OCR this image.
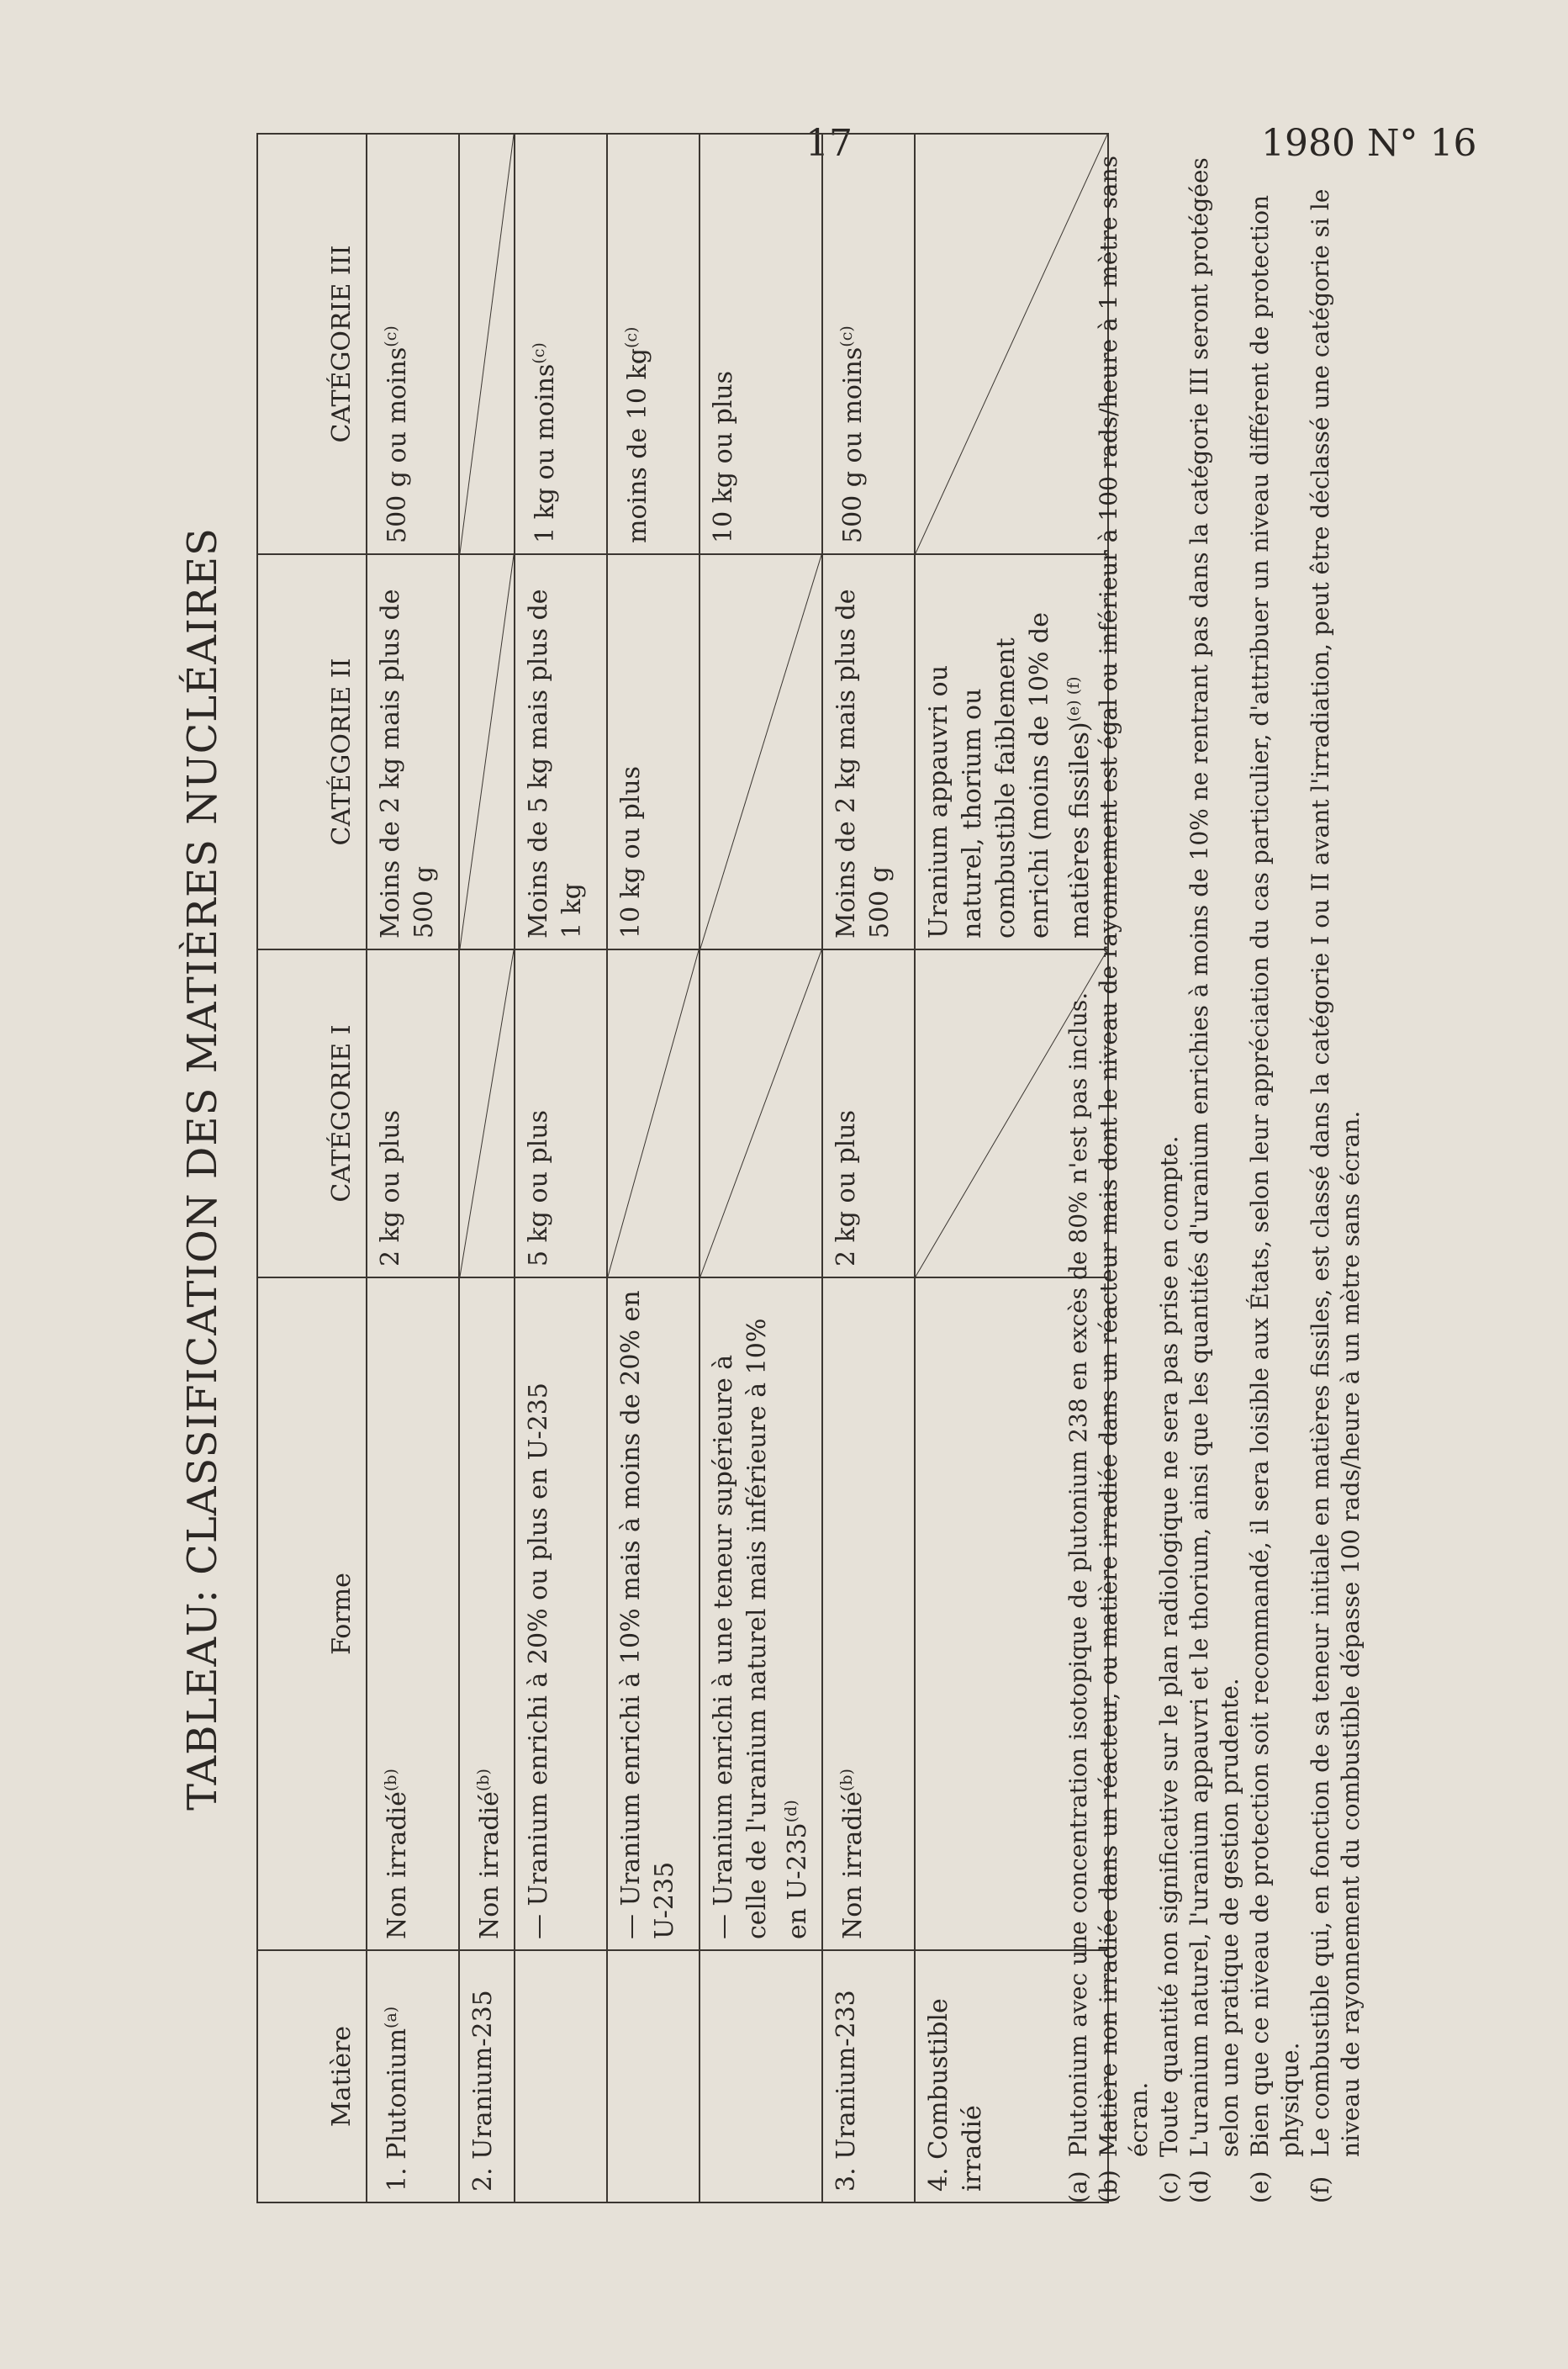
17	1980 N° 16
TABLEAU: CLASSIFICATION DES MATIÈRES NUCLÉAIRES
Matière	Forme	CATÉGORIE I	CATÉGORIE II	CATÉGORIE III
1. Plutonium$^{(a)}$	Non irradié$^{(b)}$	2 kg ou plus	Moins de 2 kg mais plus de 500 g	500 g ou moins$^{(c)}$
2. Uranium-235	Non irradié$^{(b)}$	

	— Uranium enrichi à 20% ou plus en U-235	5 kg ou plus	Moins de 5 kg mais plus de 1 kg	1 kg ou moins$^{(c)}$
	— Uranium enrichi à 10% mais à moins de 20% en U-235		10 kg ou plus	moins de 10 $kg^{(c)}$
	— Uranium enrichi à une teneur supérieure à celle de l'uranium naturel mais inférieure à 10% en U-235$^{(d)}$			10 kg ou plus
3. Uranium-233	Non irradié$^{(b)}$	2 kg ou plus	Moins de 2 kg mais plus de 500 g	500 g ou moins$^{(c)}$
4. Combustible irradié			Uranium appauvri ou naturel, thorium ou combustible faiblement enrichi (moins de 10% de matières fissiles)$^{(e) (f)}$	
(a)
Plutonium avec une concentration isotopique de plutonium 238 en excès de 80% n'est pas inclus.
(b)
Matière non irradiée dans un réacteur, ou matière irradiée dans un réacteur mais dont le niveau de rayonnement est égal ou inférieur à 100 rads/heure à 1 mètre sans écran.
(c)
Toute quantité non significative sur le plan radiologique ne sera pas prise en compte.
(d)
L'uranium naturel, l'uranium appauvri et le thorium, ainsi que les quantités d'uranium enrichies à moins de 10% ne rentrant pas dans la catégorie III seront protégées selon une pratique de gestion prudente.
(e)
Bien que ce niveau de protection soit recommandé, il sera loisible aux États, selon leur appréciation du cas particulier, d'attribuer un niveau différent de protection physique.
(f)
Le combustible qui, en fonction de sa teneur initiale en matières fissiles, est classé dans la catégorie I ou II avant l'irradiation, peut être déclassé une catégorie si le niveau de rayonnement du combustible dépasse 100 rads/heure à un mètre sans écran.
